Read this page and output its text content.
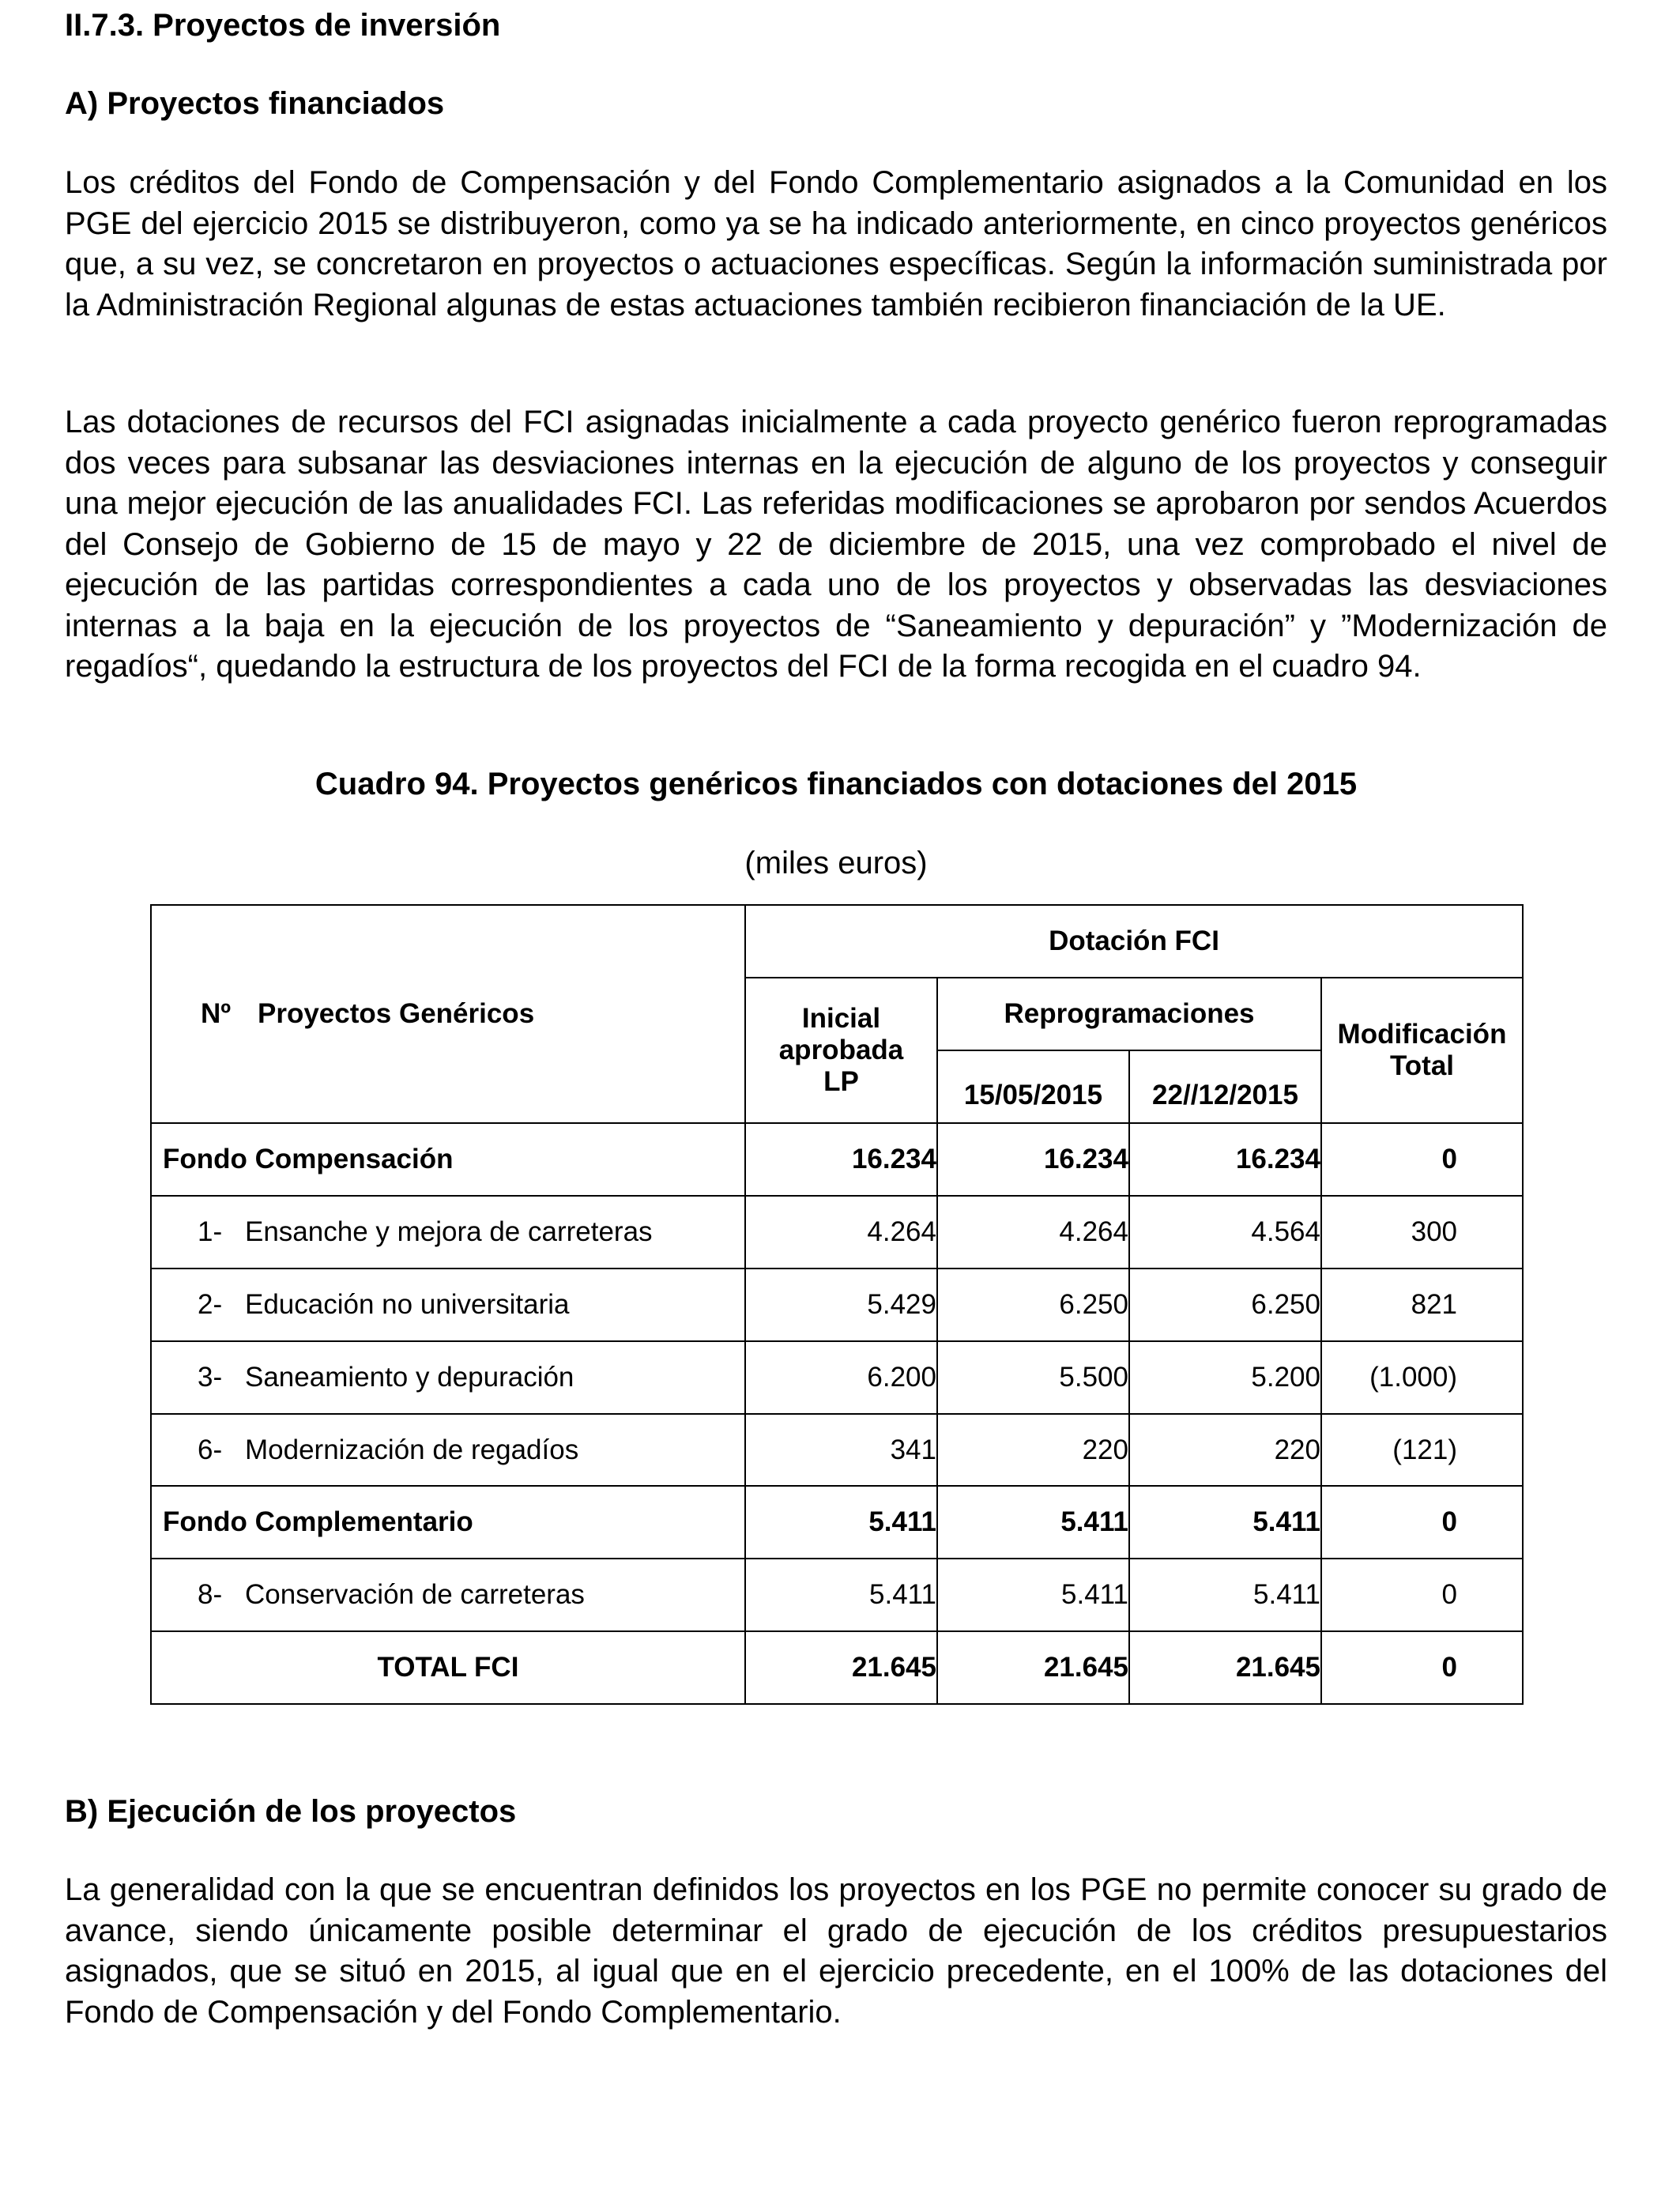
II.7.3. Proyectos de inversión
A) Proyectos financiados

Los créditos del Fondo de Compensación y del Fondo Complementario asignados a la Comunidad en los PGE del ejercicio 2015 se distribuyeron, como ya se ha indicado anteriormente, en cinco proyectos genéricos que, a su vez, se concretaron en proyectos o actuaciones específicas. Según la información suministrada por la Administración Regional algunas de estas actuaciones también recibieron financiación de la UE.

Las dotaciones de recursos del FCI asignadas inicialmente a cada proyecto genérico fueron reprogramadas dos veces para subsanar las desviaciones internas en la ejecución de alguno de los proyectos y conseguir una mejor ejecución de las anualidades FCI. Las referidas modificaciones se aprobaron por sendos Acuerdos del Consejo de Gobierno de 15 de mayo y 22 de diciembre de 2015, una vez comprobado el nivel de ejecución de las partidas correspondientes a cada uno de los proyectos y observadas las desviaciones internas a la baja en la ejecución de los proyectos de “Saneamiento y depuración” y ”Modernización de regadíos“, quedando la estructura de los proyectos del FCI de la forma recogida en el cuadro 94.

Cuadro 94. Proyectos genéricos financiados con dotaciones del 2015
(miles euros)
Nº Proyectos Genéricos	Dotación FCI			
	Inicial
aprobada
LP	Reprogramaciones		Modificación
Total
		15/05/2015	22//12/2015	
Fondo Compensación	16.234	16.234	16.234	0
1- Ensanche y mejora de carreteras	4.264	4.264	4.564	300
2- Educación no universitaria	5.429	6.250	6.250	821
3- Saneamiento y depuración	6.200	5.500	5.200	(1.000)
6- Modernización de regadíos	341	220	220	(121)
Fondo Complementario	5.411	5.411	5.411	0
8- Conservación de carreteras	5.411	5.411	5.411	0
TOTAL FCI	21.645	21.645	21.645	0
B) Ejecución de los proyectos

La generalidad con la que se encuentran definidos los proyectos en los PGE no permite conocer su grado de avance, siendo únicamente posible determinar el grado de ejecución de los créditos presupuestarios asignados, que se situó en 2015, al igual que en el ejercicio precedente, en el 100% de las dotaciones del Fondo de Compensación y del Fondo Complementario.
